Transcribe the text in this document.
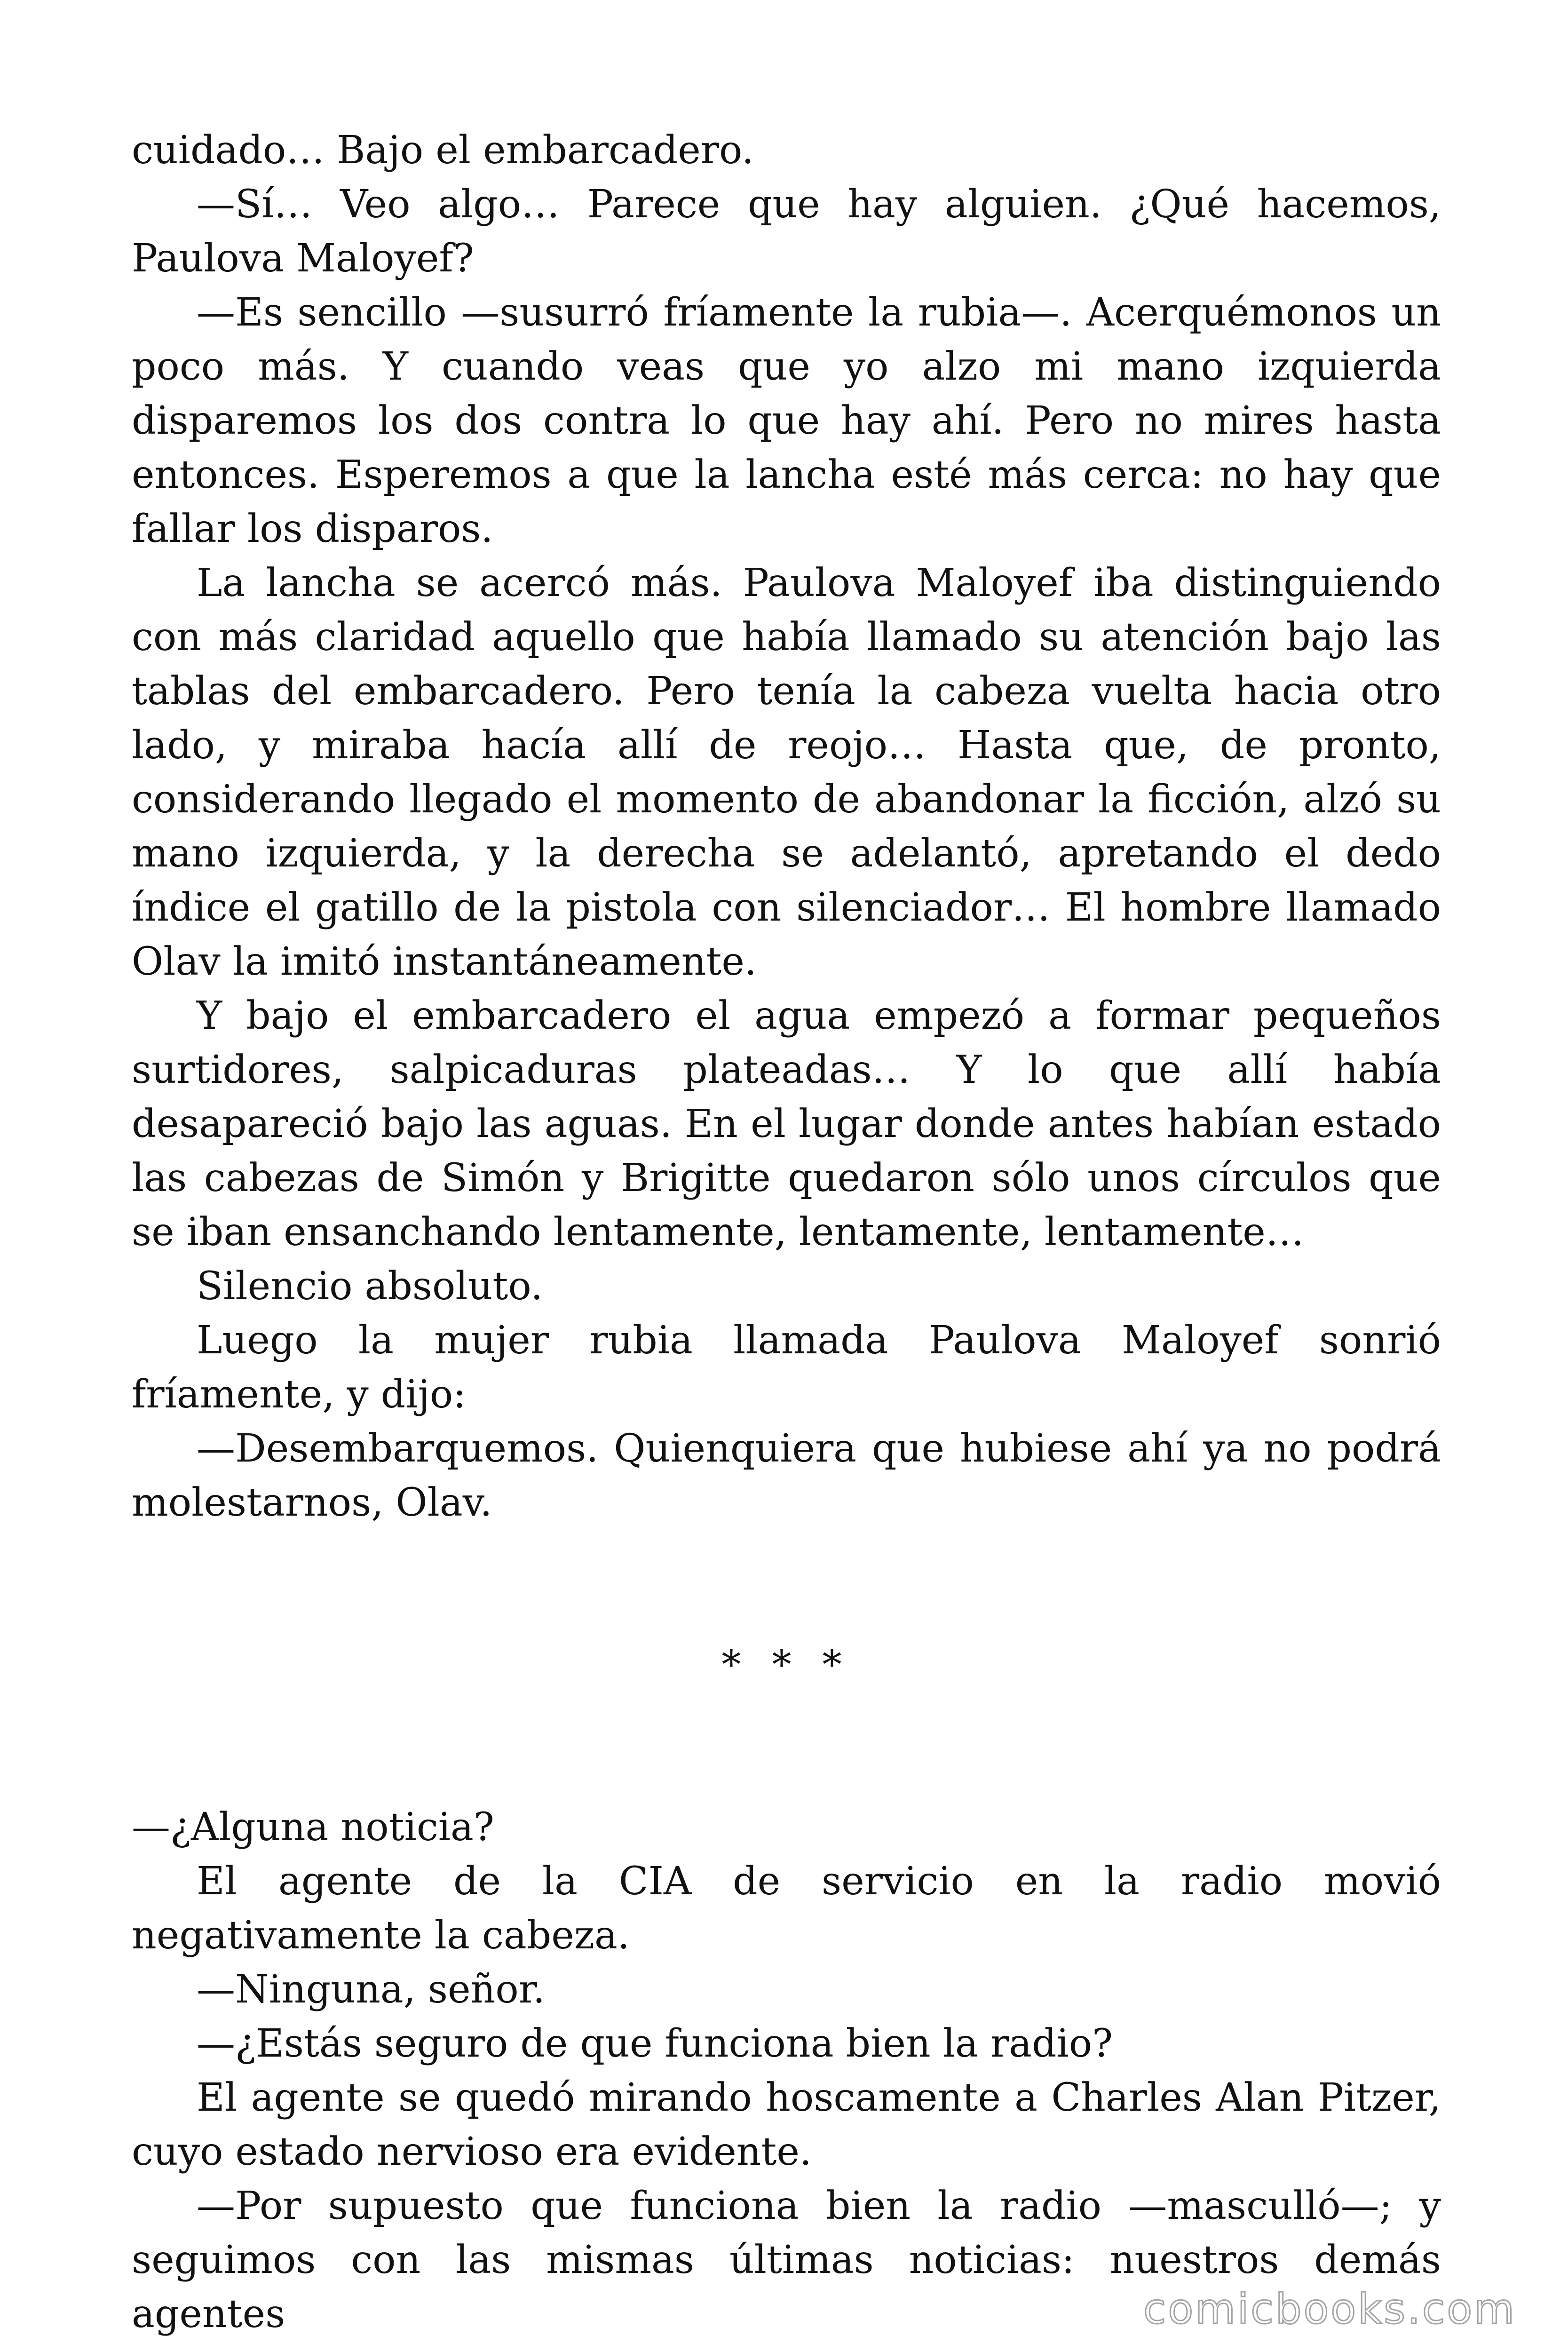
cuidado… Bajo el embarcadero.

—Sí… Veo algo… Parece que hay alguien. ¿Qué hacemos, Paulova Maloyef?

—Es sencillo —susurró fríamente la rubia—. Acerquémonos un poco más. Y cuando veas que yo alzo mi mano izquierda disparemos los dos contra lo que hay ahí. Pero no mires hasta entonces. Esperemos a que la lancha esté más cerca: no hay que fallar los disparos.

La lancha se acercó más. Paulova Maloyef iba distinguiendo con más claridad aquello que había llamado su atención bajo las tablas del embarcadero. Pero tenía la cabeza vuelta hacia otro lado, y miraba hacía allí de reojo… Hasta que, de pronto, considerando llegado el momento de abandonar la ficción, alzó su mano izquierda, y la derecha se adelantó, apretando el dedo índice el gatillo de la pistola con silenciador… El hombre llamado Olav la imitó instantáneamente.

Y bajo el embarcadero el agua empezó a formar pequeños surtidores, salpicaduras plateadas… Y lo que allí había desapareció bajo las aguas. En el lugar donde antes habían estado las cabezas de Simón y Brigitte quedaron sólo unos círculos que se iban ensanchando lentamente, lentamente, lentamente…

Silencio absoluto.

Luego la mujer rubia llamada Paulova Maloyef sonrió fríamente, y dijo:

—Desembarquemos. Quienquiera que hubiese ahí ya no podrá molestarnos, Olav.

* * *

—¿Alguna noticia?

El agente de la CIA de servicio en la radio movió negativamente la cabeza.

—Ninguna, señor.

—¿Estás seguro de que funciona bien la radio?

El agente se quedó mirando hoscamente a Charles Alan Pitzer, cuyo estado nervioso era evidente.

—Por supuesto que funciona bien la radio —masculló—; y seguimos con las mismas últimas noticias: nuestros demás agentes	comicbooks.com
